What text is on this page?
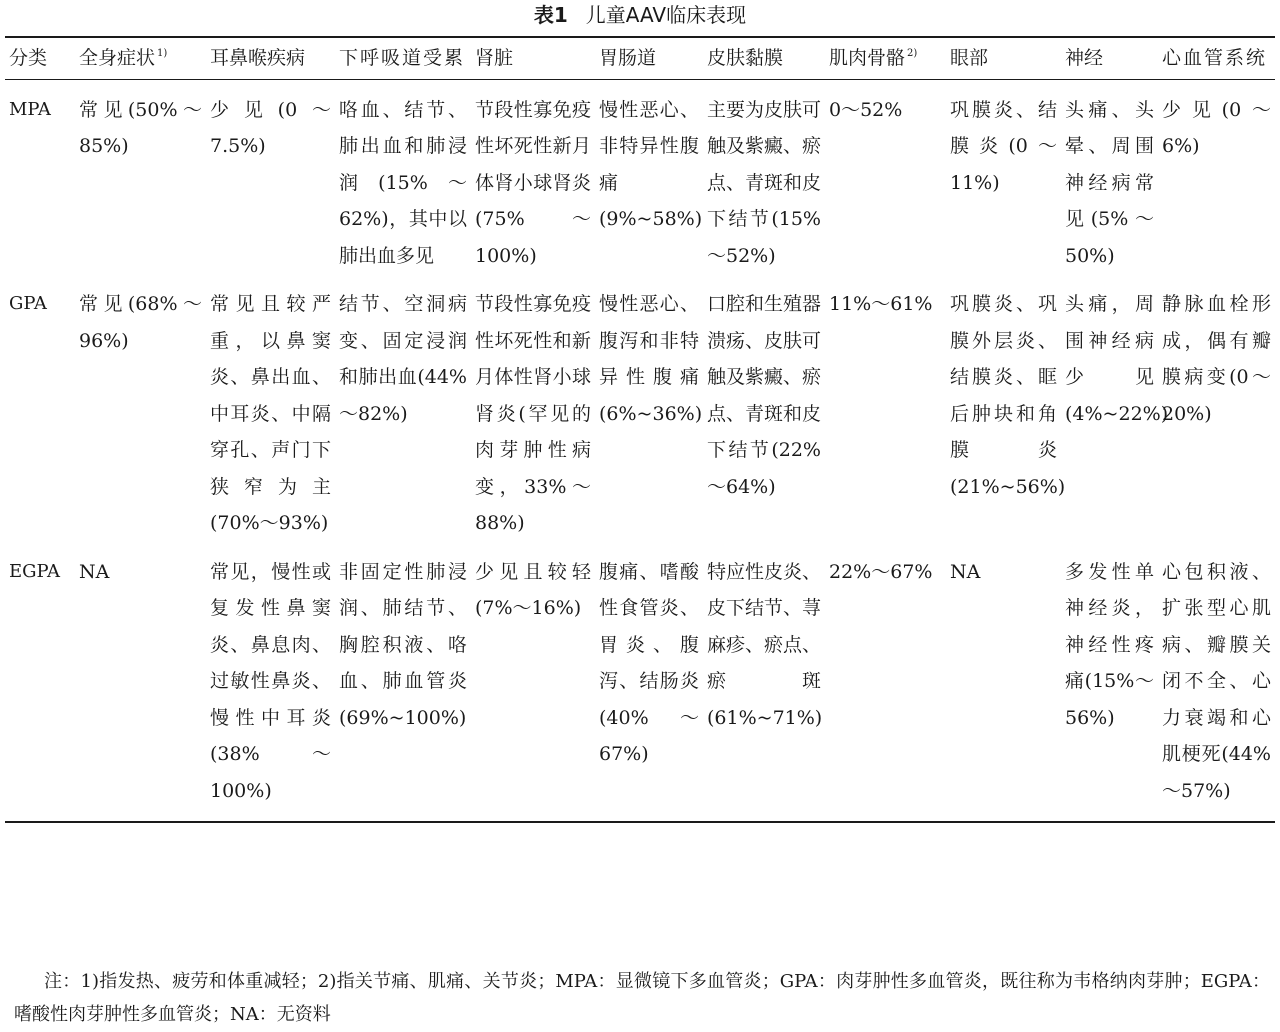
表1 儿童AAV临床表现
分类	全身症状 $^{1)}$	耳鼻喉疾病	下呼吸道受累	肾脏	胃肠道	皮肤黏膜	肌肉骨骼 $^{2)}$	眼部	神经	心血管系统
MPA	常见(50%～85%)	少见(0～7.5%)	咯血、结节、肺出血和肺浸润(15%～62%)，其中以肺出血多见	节段性寡免疫性坏死性新月体肾小球肾炎(75%～100%)	慢性恶心、非特异性腹痛(9%~58%)	主要为皮肤可触及紫癜、瘀点、青斑和皮下结节(15%～52%)	0～52%	巩膜炎、结膜炎(0～11%)	头痛、头晕、周围神经病常见(5%～50%)	少见(0～6%)
GPA	常见(68%～96%)	常见且较严重，以鼻窦炎、鼻出血、中耳炎、中隔穿孔、声门下狭窄为主(70%～93%)	结节、空洞病变、固定浸润和肺出血(44%～82%)	节段性寡免疫性坏死性和新月体性肾小球肾炎(罕见的肉芽肿性病变，33%～88%)	慢性恶心、腹泻和非特异性腹痛(6%~36%)	口腔和生殖器溃疡、皮肤可触及紫癜、瘀点、青斑和皮下结节(22%～64%)	11%～61%	巩膜炎、巩膜外层炎、结膜炎、眶后肿块和角膜炎(21%~56%)	头痛，周围神经病少见(4%~22%)	静脉血栓形成，偶有瓣膜病变(0～20%)
EGPA	NA	常见，慢性或复发性鼻窦炎、鼻息肉、过敏性鼻炎、慢性中耳炎(38%～100%)	非固定性肺浸润、肺结节、胸腔积液、咯血、肺血管炎(69%~100%)	少见且较轻(7%～16%)	腹痛、嗜酸性食管炎、胃炎、腹泻、结肠炎(40%～67%)	特应性皮炎、皮下结节、荨麻疹、瘀点、瘀斑(61%~71%)	22%～67%	NA	多发性单神经炎，神经性疼痛(15%～56%)	心包积液、扩张型心肌病、瓣膜关闭不全、心力衰竭和心肌梗死(44%～57%)
注：1)指发热、疲劳和体重减轻；2)指关节痛、肌痛、关节炎；MPA：显微镜下多血管炎；GPA：肉芽肿性多血管炎，既往称为韦格纳肉芽肿；EGPA：嗜酸性肉芽肿性多血管炎；NA：无资料
